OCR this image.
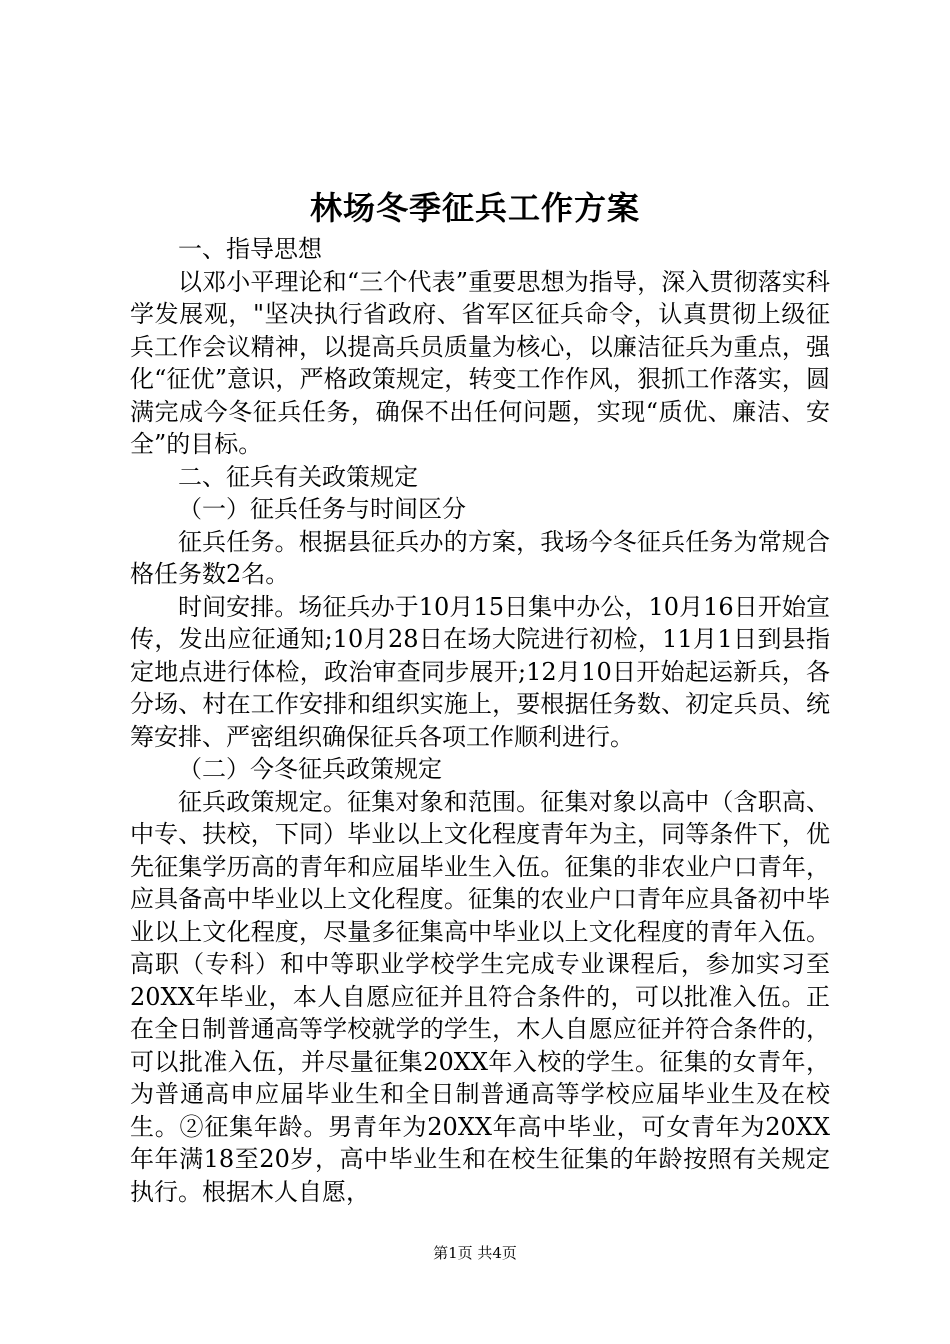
林场冬季征兵工作方案

一、指导思想

以邓小平理论和“三个代表”重要思想为指导，深入贯彻落实科学发展观，"坚决执行省政府、省军区征兵命令，认真贯彻上级征兵工作会议精神，以提高兵员质量为核心，以廉洁征兵为重点，强化“征优”意识，严格政策规定，转变工作作风，狠抓工作落实，圆满完成今冬征兵任务，确保不出任何问题，实现“质优、廉洁、安全”的目标。

二、征兵有关政策规定

（一）征兵任务与时间区分

征兵任务。根据县征兵办的方案，我场今冬征兵任务为常规合格任务数2名。

时间安排。场征兵办于10月15日集中办公，10月16日开始宣传，发出应征通知;10月28日在场大院进行初检，11月1日到县指定地点进行体检，政治审查同步展开;12月10日开始起运新兵，各分场、村在工作安排和组织实施上，要根据任务数、初定兵员、统筹安排、严密组织确保征兵各项工作顺利进行。

（二）今冬征兵政策规定

征兵政策规定。征集对象和范围。征集对象以高中（含职高、中专、扶校，下同）毕业以上文化程度青年为主，同等条件下，优先征集学历高的青年和应届毕业生入伍。征集的非农业户口青年，应具备高中毕业以上文化程度。征集的农业户口青年应具备初中毕业以上文化程度，尽量多征集高中毕业以上文化程度的青年入伍。高职（专科）和中等职业学校学生完成专业课程后，参加实习至20XX年毕业，本人自愿应征并且符合条件的，可以批准入伍。正在全日制普通高等学校就学的学生，木人自愿应征并符合条件的，可以批准入伍，并尽量征集20XX年入校的学生。征集的女青年，为普通高申应届毕业生和全日制普通高等学校应届毕业生及在校生。②征集年龄。男青年为20XX年高中毕业，可女青年为20XX年年满18至20岁，高中毕业生和在校生征集的年龄按照有关规定执行。根据木人自愿，

第1页 共4页
